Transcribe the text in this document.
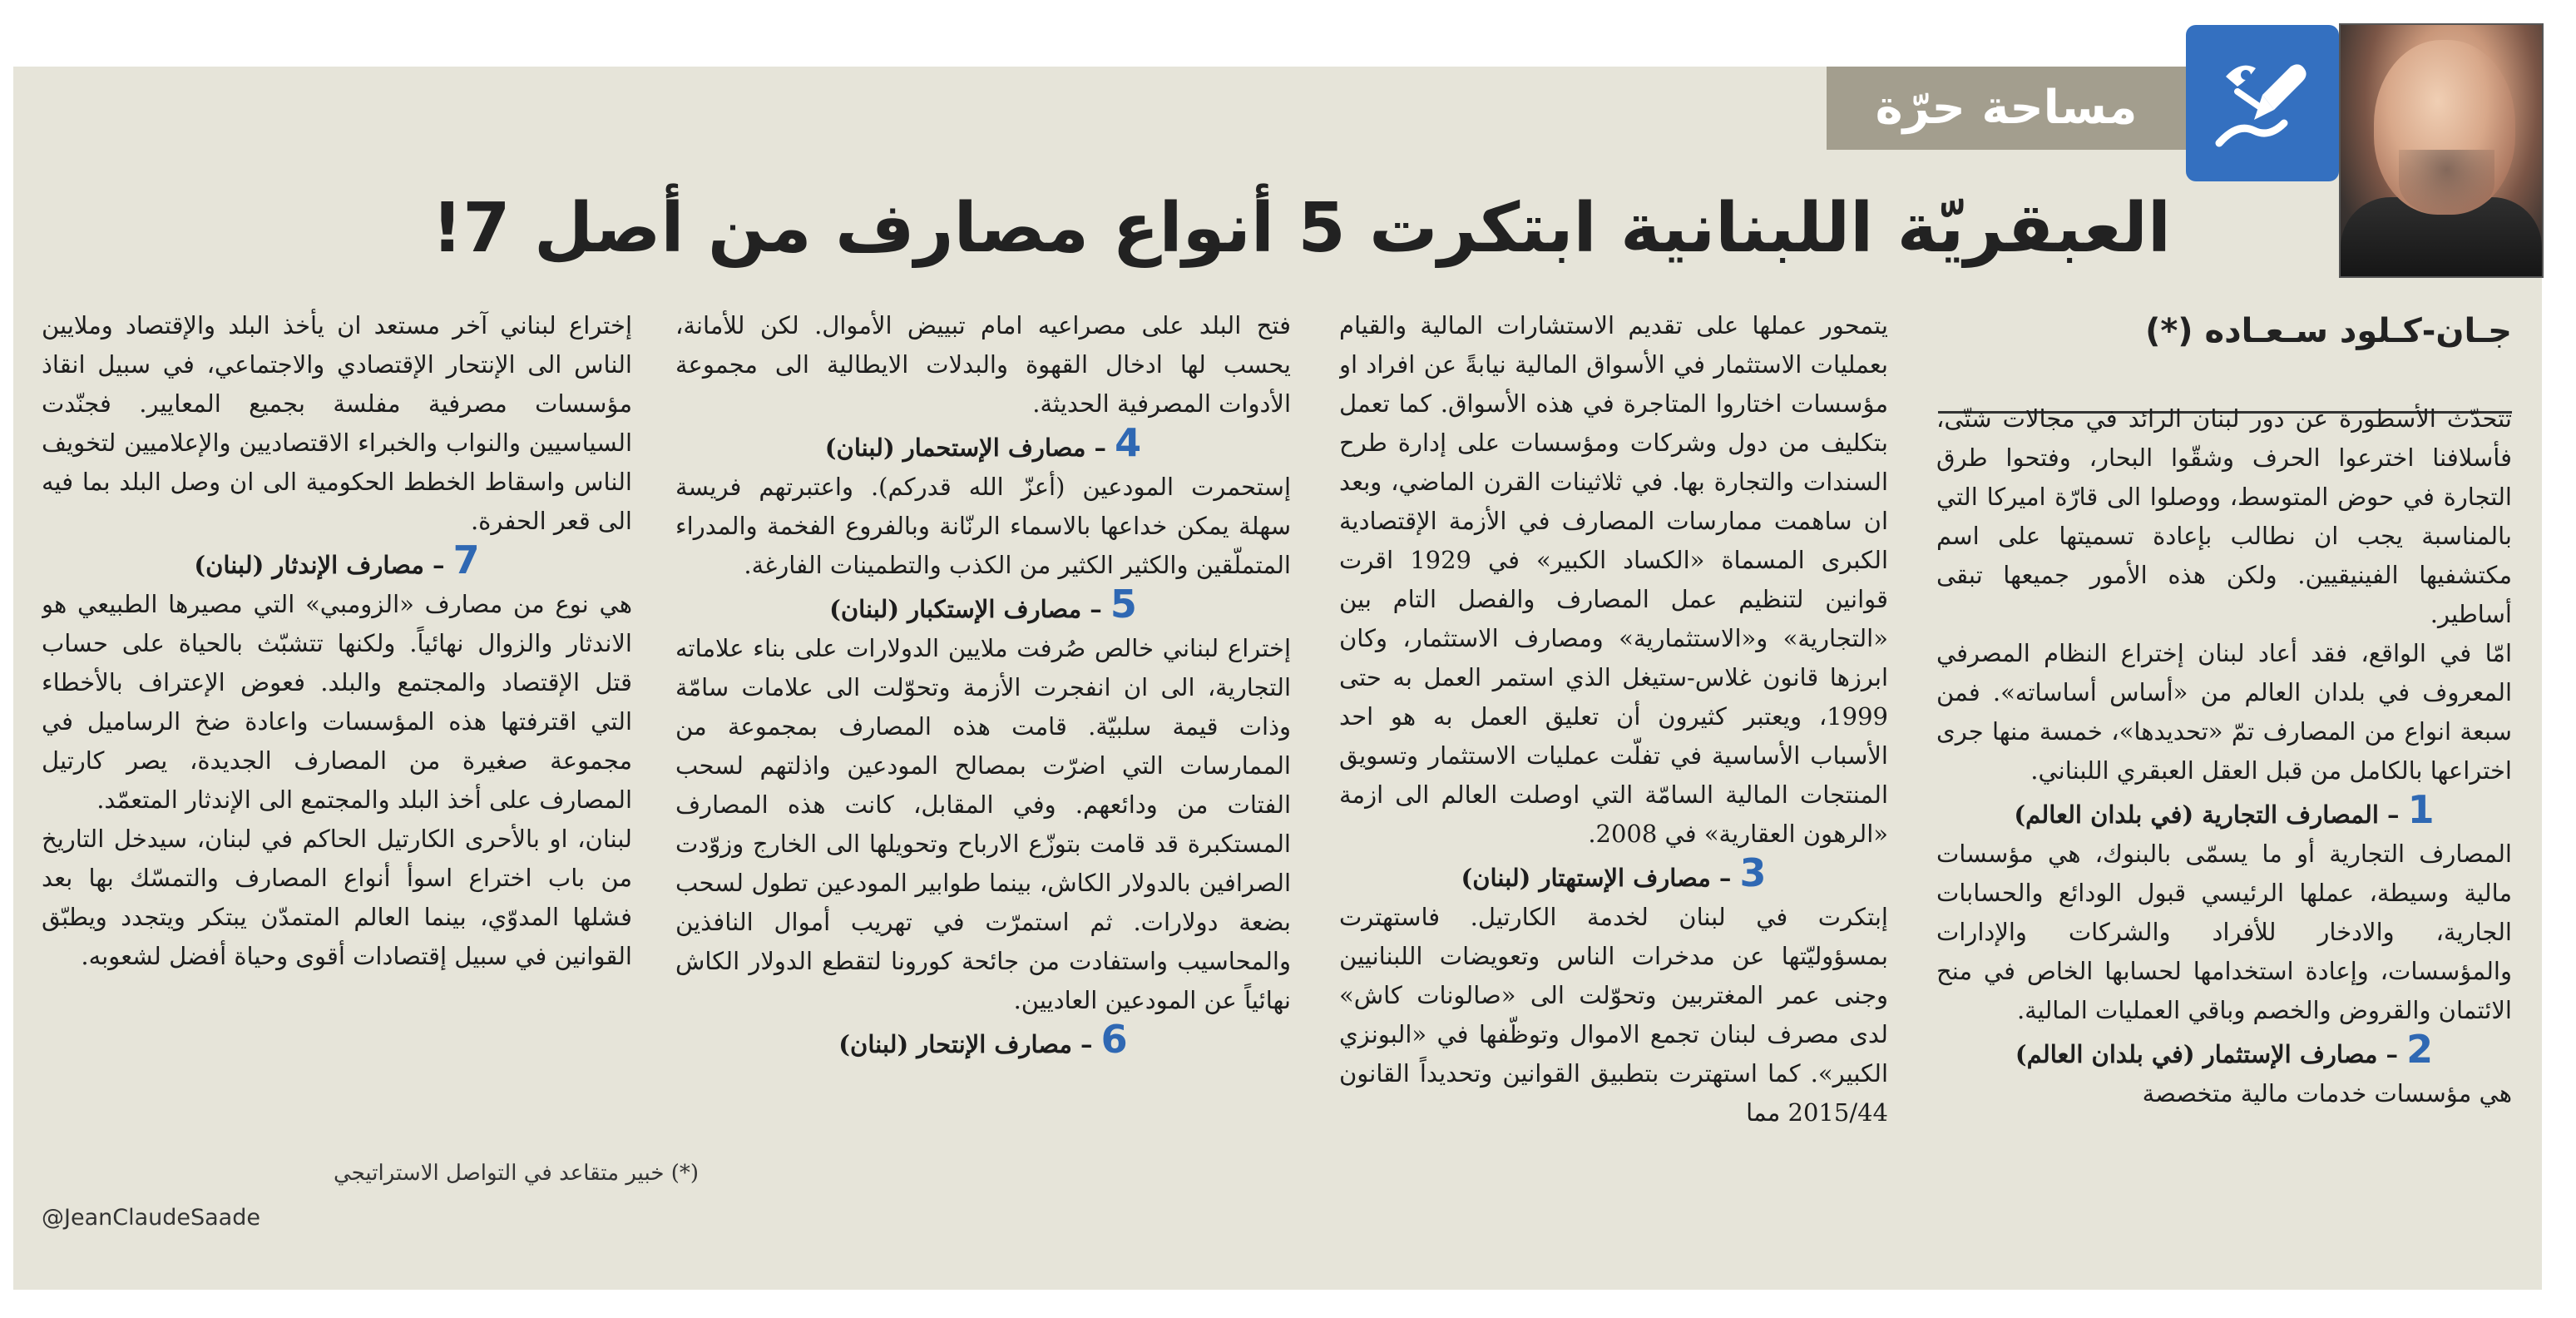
مساحة حرّة
العبقريّة اللبنانية ابتكرت 5 أنواع مصارف من أصل 7!
جـان-كـلود سـعـاده (*)

تتحدّث الأسطورة عن دور لبنان الرائد في مجالات شتّى، فأسلافنا اخترعوا الحرف وشقّوا البحار، وفتحوا طرق التجارة في حوض المتوسط، ووصلوا الى قارّة اميركا التي بالمناسبة يجب ان نطالب بإعادة تسميتها على اسم مكتشفيها الفينيقيين. ولكن هذه الأمور جميعها تبقى أساطير.

امّا في الواقع، فقد أعاد لبنان إختراع النظام المصرفي المعروف في بلدان العالم من «أساس أساساته». فمن سبعة انواع من المصارف تمّ «تحديدها»، خمسة منها جرى اختراعها بالكامل من قبل العقل العبقري اللبناني.

1 – المصارف التجارية (في بلدان العالم)

المصارف التجارية أو ما يسمّى بالبنوك، هي مؤسسات مالية وسيطة، عملها الرئيسي قبول الودائع والحسابات الجارية، والادخار للأفراد والشركات والإدارات والمؤسسات، وإعادة استخدامها لحسابها الخاص في منح الائتمان والقروض والخصم وباقي العمليات المالية.

2 – مصارف الإستثمار (في بلدان العالم)

هي مؤسسات خدمات مالية متخصصة

يتمحور عملها على تقديم الاستشارات المالية والقيام بعمليات الاستثمار في الأسواق المالية نيابةً عن افراد او مؤسسات اختاروا المتاجرة في هذه الأسواق. كما تعمل بتكليف من دول وشركات ومؤسسات على إدارة طرح السندات والتجارة بها. في ثلاثينات القرن الماضي، وبعد ان ساهمت ممارسات المصارف في الأزمة الإقتصادية الكبرى المسماة «الكساد الكبير» في 1929 اقرت قوانين لتنظيم عمل المصارف والفصل التام بين «التجارية» و«الاستثمارية» ومصارف الاستثمار، وكان ابرزها قانون غلاس-ستيغل الذي استمر العمل به حتى 1999، ويعتبر كثيرون أن تعليق العمل به هو احد الأسباب الأساسية في تفلّت عمليات الاستثمار وتسويق المنتجات المالية السامّة التي اوصلت العالم الى ازمة «الرهون العقارية» في 2008.

3 – مصارف الإستهتار (لبنان)

إبتكرت في لبنان لخدمة الكارتيل. فاستهترت بمسؤوليّتها عن مدخرات الناس وتعويضات اللبنانيين وجنى عمر المغتربين وتحوّلت الى «صالونات كاش» لدى مصرف لبنان تجمع الاموال وتوظّفها في «البونزي الكبير». كما استهترت بتطبيق القوانين وتحديداً القانون 2015/44 مما

فتح البلد على مصراعيه امام تبييض الأموال. لكن للأمانة، يحسب لها ادخال القهوة والبدلات الايطالية الى مجموعة الأدوات المصرفية الحديثة.

4 – مصارف الإستحمار (لبنان)

إستحمرت المودعين (أعزّ الله قدركم). واعتبرتهم فريسة سهلة يمكن خداعها بالاسماء الرنّانة وبالفروع الفخمة والمدراء المتملّقين والكثير الكثير من الكذب والتطمينات الفارغة.

5 – مصارف الإستكبار (لبنان)

إختراع لبناني خالص صُرفت ملايين الدولارات على بناء علاماته التجارية، الى ان انفجرت الأزمة وتحوّلت الى علامات سامّة وذات قيمة سلبيّة. قامت هذه المصارف بمجموعة من الممارسات التي اضرّت بمصالح المودعين واذلتهم لسحب الفتات من ودائعهم. وفي المقابل، كانت هذه المصارف المستكبرة قد قامت بتوزّع الارباح وتحويلها الى الخارج وزوّدت الصرافين بالدولار الكاش، بينما طوابير المودعين تطول لسحب بضعة دولارات. ثم استمرّت في تهريب أموال النافذين والمحاسيب واستفادت من جائحة كورونا لتقطع الدولار الكاش نهائياً عن المودعين العاديين.

6 – مصارف الإنتحار (لبنان)

إختراع لبناني آخر مستعد ان يأخذ البلد والإقتصاد وملايين الناس الى الإنتحار الإقتصادي والاجتماعي، في سبيل انقاذ مؤسسات مصرفية مفلسة بجميع المعايير. فجنّدت السياسيين والنواب والخبراء الاقتصاديين والإعلاميين لتخويف الناس واسقاط الخطط الحكومية الى ان وصل البلد بما فيه الى قعر الحفرة.

7 – مصارف الإندثار (لبنان)

هي نوع من مصارف «الزومبي» التي مصيرها الطبيعي هو الاندثار والزوال نهائياً. ولكنها تتشبّث بالحياة على حساب قتل الإقتصاد والمجتمع والبلد. فعوض الإعتراف بالأخطاء التي اقترفتها هذه المؤسسات واعادة ضخ الرساميل في مجموعة صغيرة من المصارف الجديدة، يصر كارتيل المصارف على أخذ البلد والمجتمع الى الإندثار المتعمّد.

لبنان، او بالأحرى الكارتيل الحاكم في لبنان، سيدخل التاريخ من باب اختراع اسوأ أنواع المصارف والتمسّك بها بعد فشلها المدوّي، بينما العالم المتمدّن يبتكر ويتجدد ويطبّق القوانين في سبيل إقتصادات أقوى وحياة أفضل لشعوبه.

(*) خبير متقاعد في التواصل الاستراتيجي
@JeanClaudeSaade
